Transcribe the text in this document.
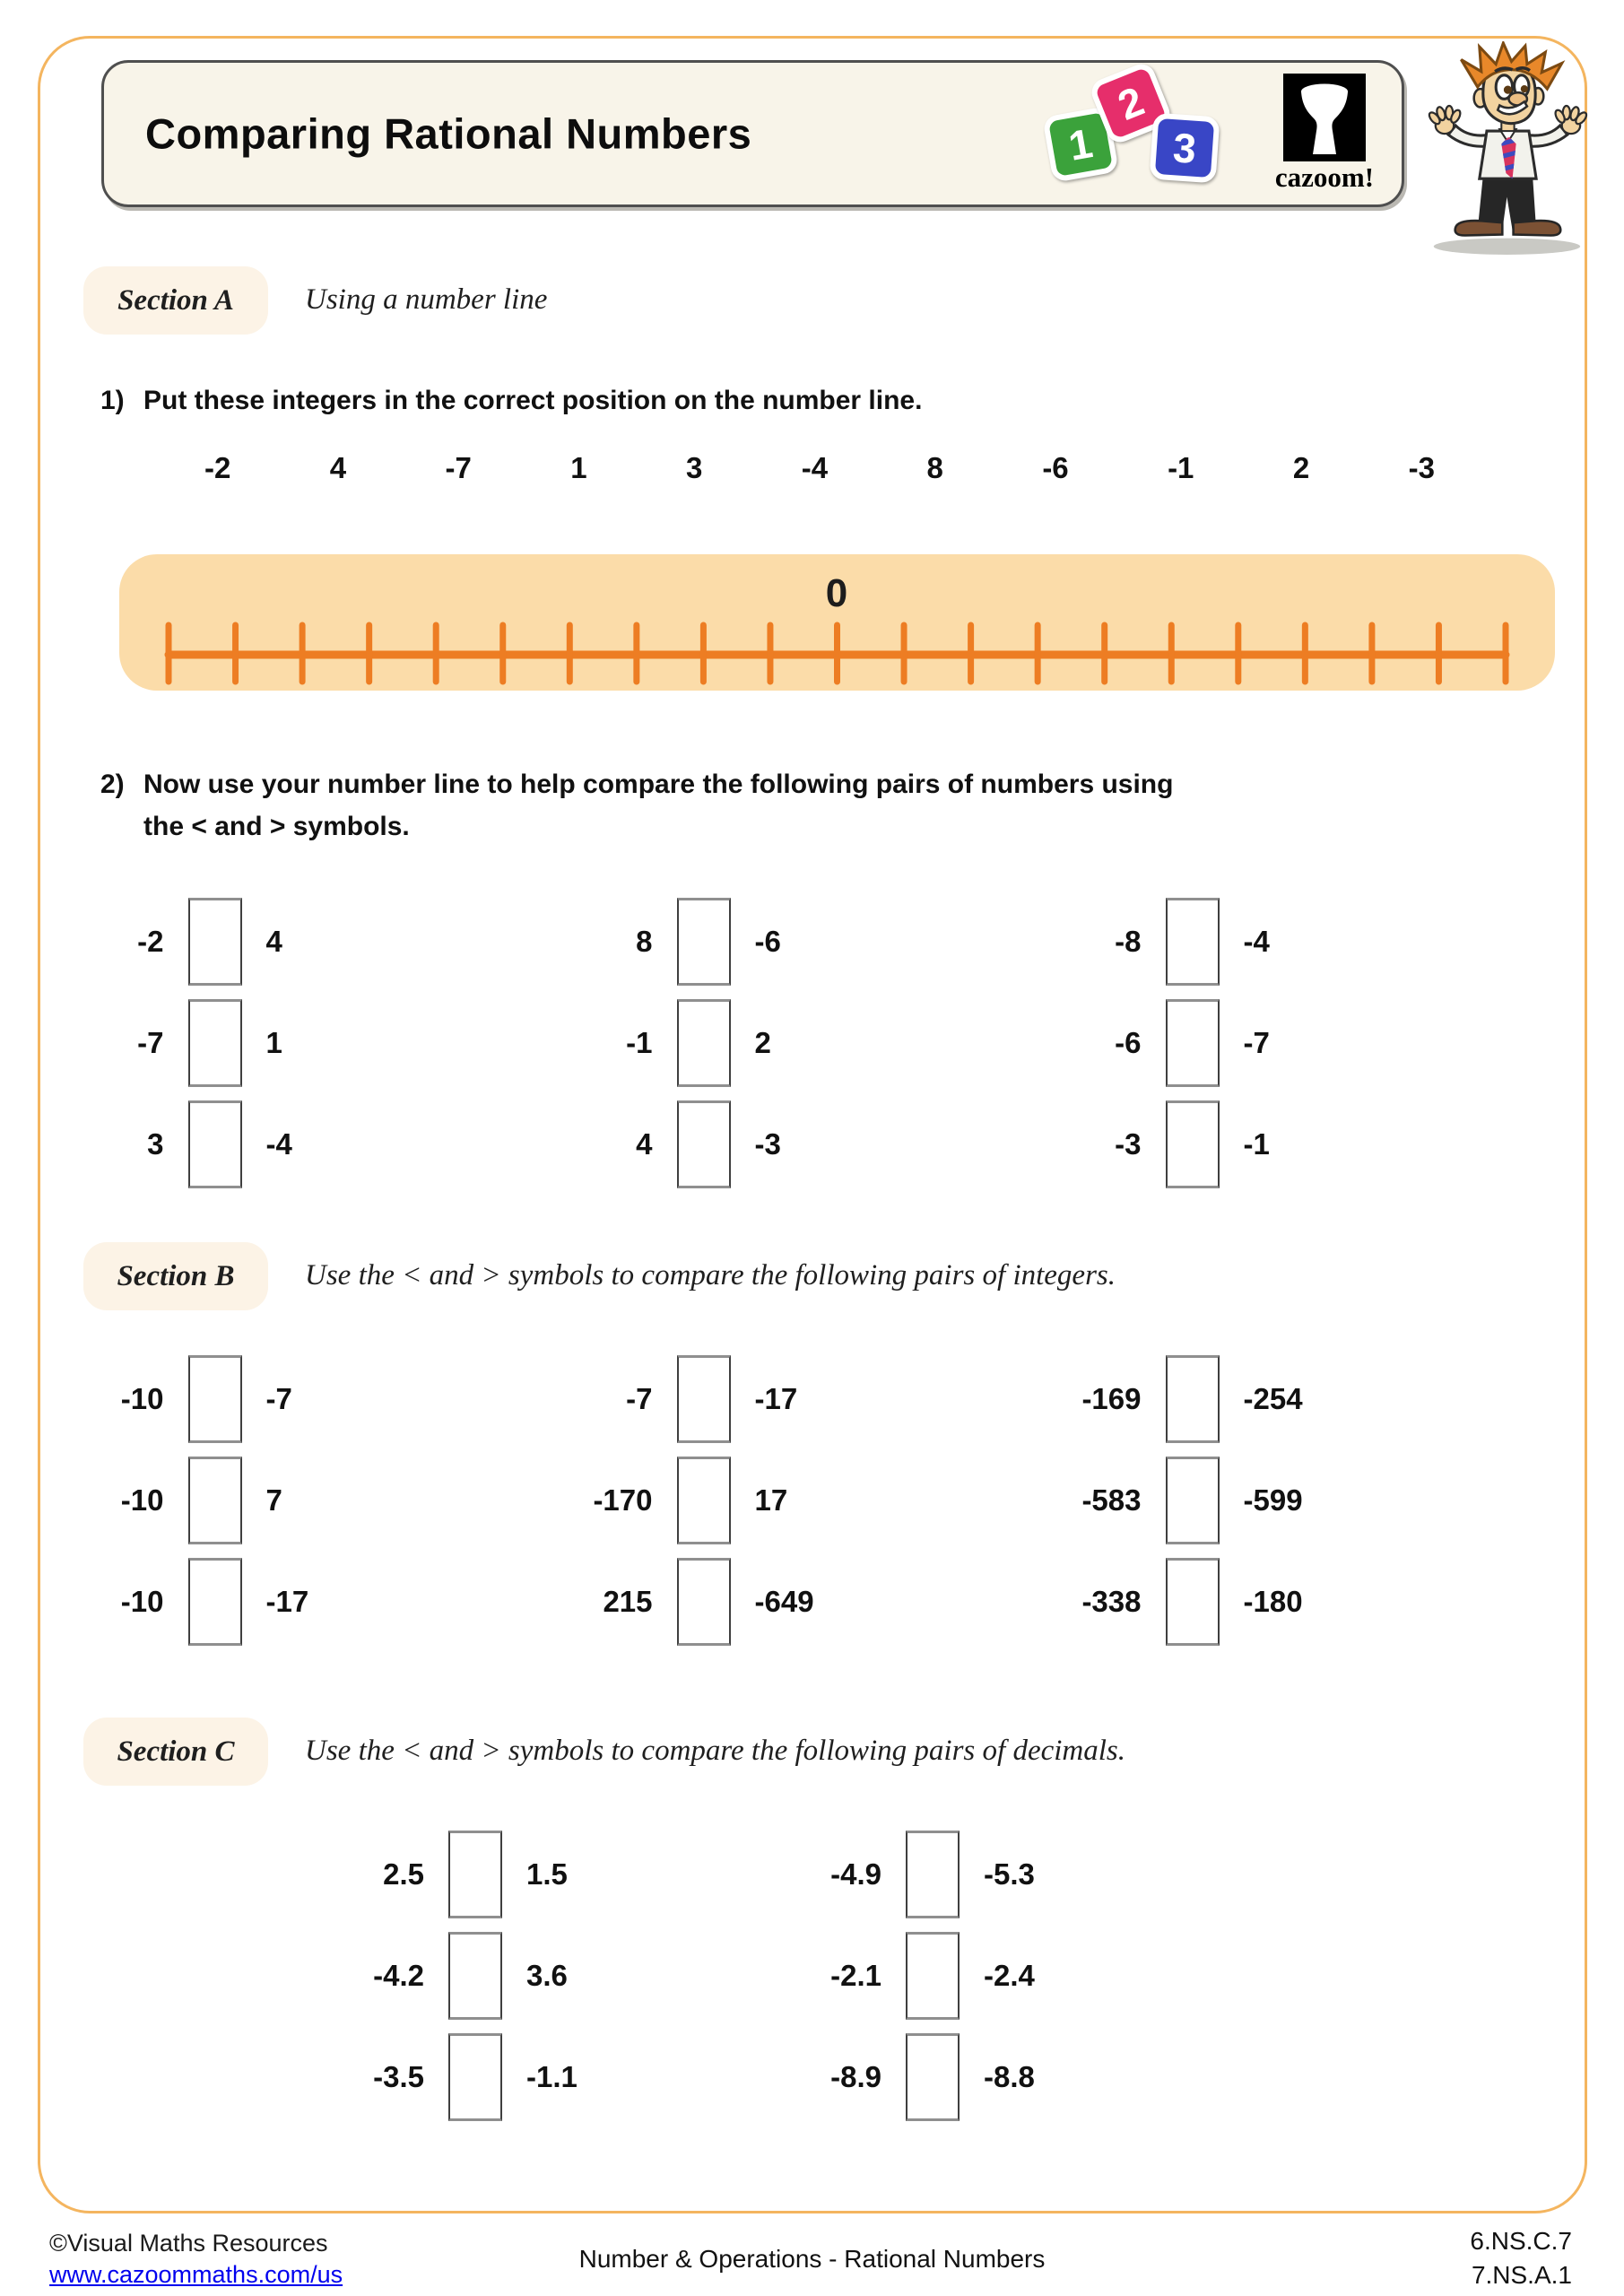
Comparing Rational Numbers	1
2
3
cazoom!
Section A	Using a number line
1) Put these integers in the correct position on the number line.
-2	4	-7	1	3	-4	8	-6	-1	2	-3
0
2) Now use your number line to help compare the following pairs of numbers using
the < and > symbols.
-2	4	8	-6	-8	-4
-7	1	-1	2	-6	-7
3	-4	4	-3	-3	-1
Section B	Use the < and > symbols to compare the following pairs of integers.
-10	-7	-7	-17	-169	-254
-10	7	-170	17	-583	-599
-10	-17	215	-649	-338	-180
Section C	Use the < and > symbols to compare the following pairs of decimals.
2.5	1.5	-4.9	-5.3
-4.2	3.6	-2.1	-2.4
-3.5	-1.1	-8.9	-8.8
©Visual Maths Resources
www.cazoommaths.com/us
Number & Operations - Rational Numbers
6.NS.C.7
7.NS.A.1
